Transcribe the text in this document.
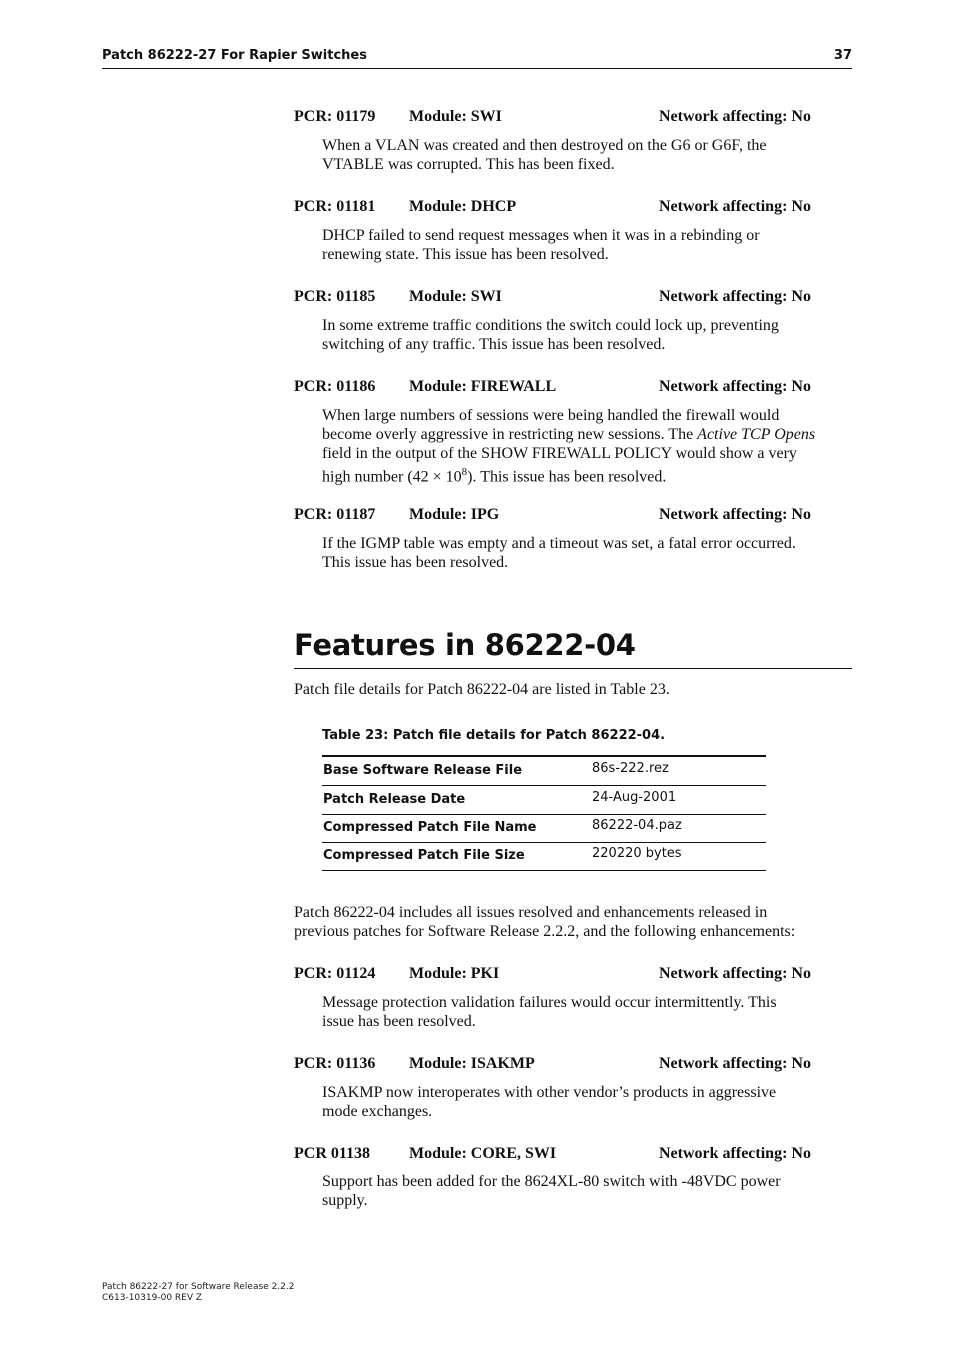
Patch 86222-27 For Rapier Switches	37
PCR: 01179 Module: SWI	Network affecting: No

When a VLAN was created and then destroyed on the G6 or G6F, the

VTABLE was corrupted. This has been fixed.

PCR: 01181 Module: DHCP	Network affecting: No

DHCP failed to send request messages when it was in a rebinding or

renewing state. This issue has been resolved.

PCR: 01185 Module: SWI	Network affecting: No

In some extreme traffic conditions the switch could lock up, preventing

switching of any traffic. This issue has been resolved.

PCR: 01186 Module: FIREWALL	Network affecting: No

When large numbers of sessions were being handled the firewall would

become overly aggressive in restricting new sessions. The Active TCP Opens

field in the output of the SHOW FIREWALL POLICY would show a very

high number $(42 \times 10^8)$. This issue has been resolved.

PCR: 01187 Module: IPG	Network affecting: No

If the IGMP table was empty and a timeout was set, a fatal error occurred.

This issue has been resolved.

Features in 86222-04

Patch file details for Patch 86222-04 are listed in Table 23.

Table 23: Patch file details for Patch 86222-04.
Base Software Release File	86s-222.rez
Patch Release Date	24-Aug-2001
Compressed Patch File Name	86222-04.paz
Compressed Patch File Size	220220 bytes

Patch 86222-04 includes all issues resolved and enhancements released in

previous patches for Software Release 2.2.2, and the following enhancements:

PCR: 01124 Module: PKI	Network affecting: No

Message protection validation failures would occur intermittently. This

issue has been resolved.

PCR: 01136 Module: ISAKMP	Network affecting: No

ISAKMP now interoperates with other vendor’s products in aggressive

mode exchanges.

PCR 01138 Module: CORE, SWI	Network affecting: No

Support has been added for the 8624XL-80 switch with -48VDC power

supply.

Patch 86222-27 for Software Release 2.2.2
C613-10319-00 REV Z
